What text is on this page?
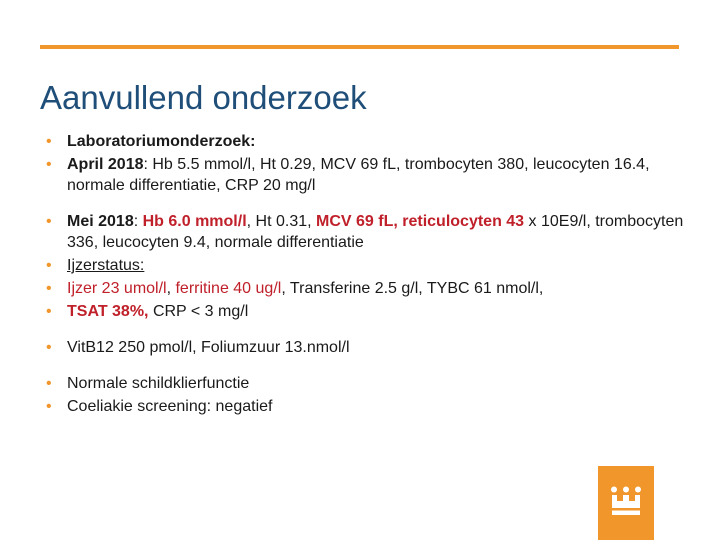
Aanvullend onderzoek
• Laboratoriumonderzoek:
• April 2018: Hb 5.5 mmol/l, Ht 0.29, MCV 69 fL, trombocyten 380, leucocyten 16.4, normale differentiatie, CRP 20 mg/l
• Mei 2018: Hb 6.0 mmol/l, Ht 0.31, MCV 69 fL, reticulocyten 43 x 10E9/l, trombocyten 336, leucocyten 9.4, normale differentiatie
• Ijzerstatus:
• Ijzer 23 umol/l, ferritine 40 ug/l, Transferine 2.5 g/l, TYBC 61 nmol/l,
• TSAT 38%, CRP < 3 mg/l
• VitB12 250 pmol/l, Foliumzuur 13.nmol/l
• Normale schildklierfunctie
• Coeliakie screening: negatief
